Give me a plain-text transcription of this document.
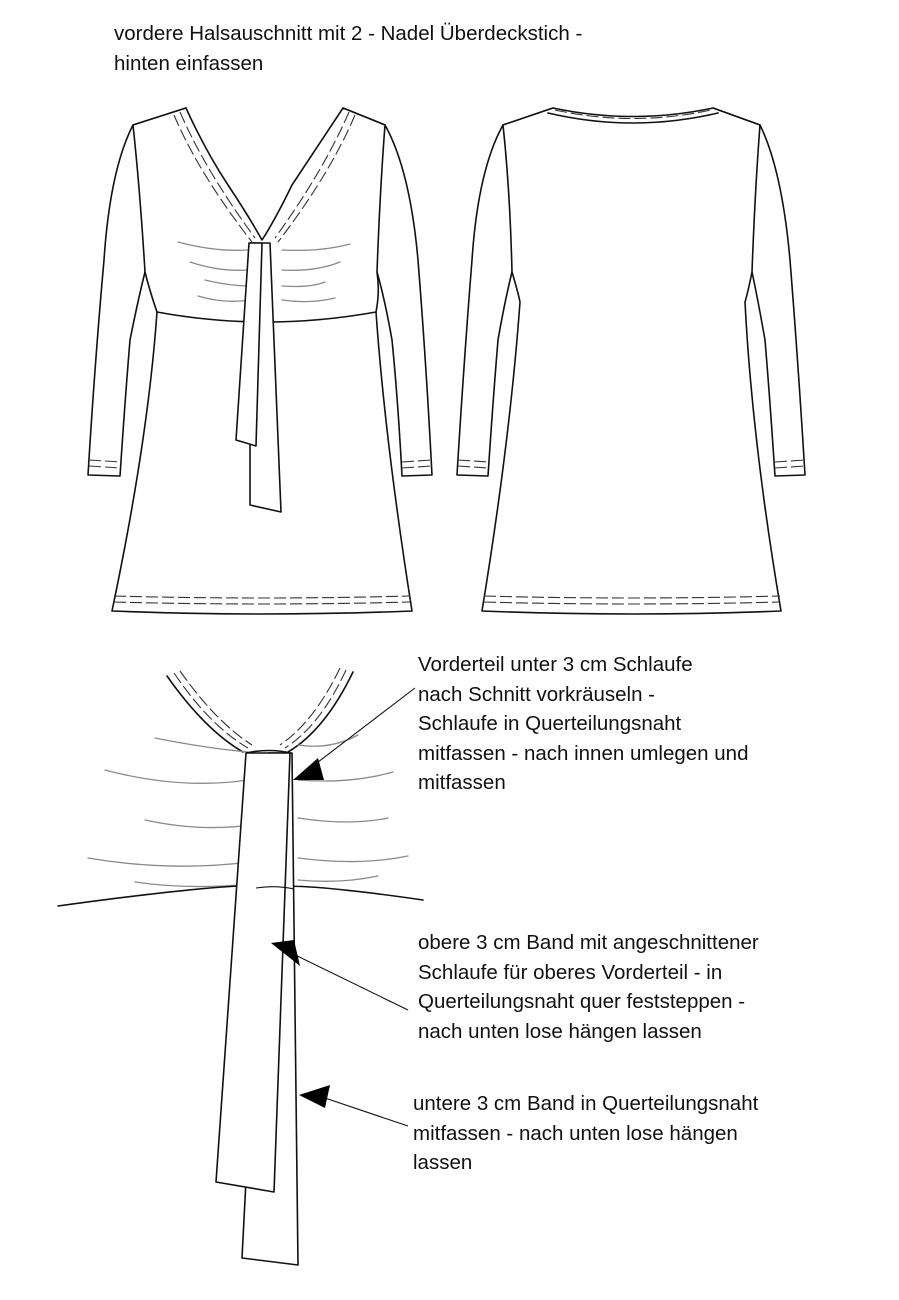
vordere Halsauschnitt mit 2 - Nadel Überdeckstich -
hinten einfassen
Vorderteil unter 3 cm Schlaufe
nach Schnitt vorkräuseln -
Schlaufe in Querteilungsnaht
mitfassen - nach innen umlegen und
mitfassen
obere 3 cm Band mit angeschnittener
Schlaufe für oberes Vorderteil - in
Querteilungsnaht quer feststeppen -
nach unten lose hängen lassen
untere 3 cm Band in Querteilungsnaht
mitfassen - nach unten lose hängen
lassen
